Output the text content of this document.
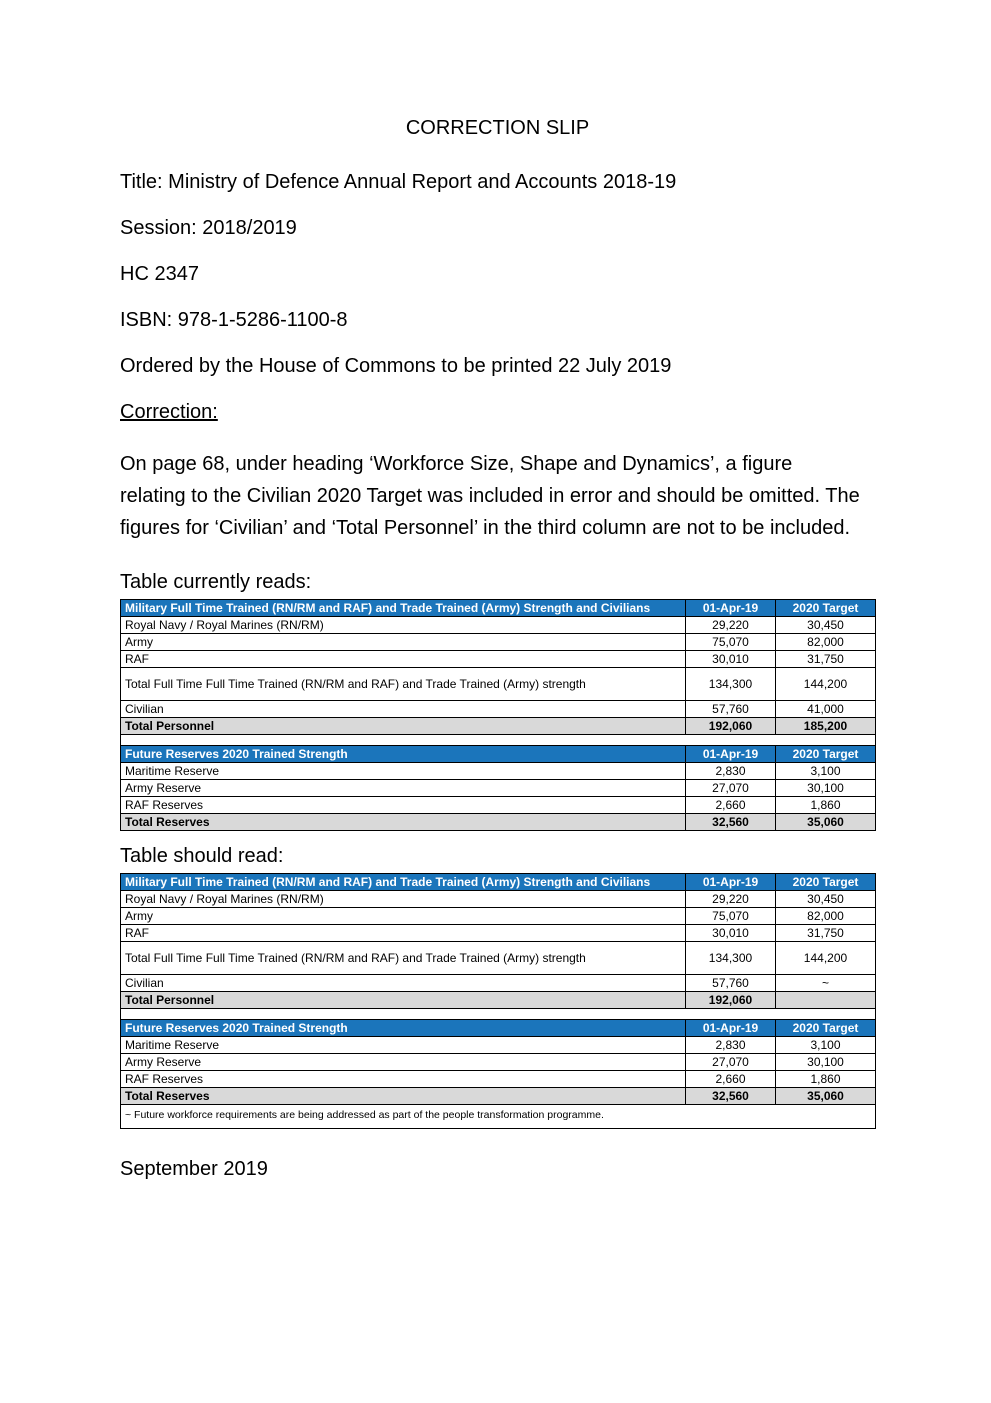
CORRECTION SLIP

Title: Ministry of Defence Annual Report and Accounts 2018-19

Session: 2018/2019

HC 2347

ISBN: 978-1-5286-1100-8

Ordered by the House of Commons to be printed 22 July 2019

Correction:

On page 68, under heading ‘Workforce Size, Shape and Dynamics’, a figure relating to the Civilian 2020 Target was included in error and should be omitted. The figures for ‘Civilian’ and ‘Total Personnel’ in the third column are not to be included.

Table currently reads:

Military Full Time Trained (RN/RM and RAF) and Trade Trained (Army) Strength and Civilians	01-Apr-19	2020 Target
Royal Navy / Royal Marines (RN/RM)	29,220	30,450
Army	75,070	82,000
RAF	30,010	31,750
Total Full Time Full Time Trained (RN/RM and RAF) and Trade Trained (Army) strength	134,300	144,200
Civilian	57,760	41,000
Total Personnel	192,060	185,200

Future Reserves 2020 Trained Strength	01-Apr-19	2020 Target
Maritime Reserve	2,830	3,100
Army Reserve	27,070	30,100
RAF Reserves	2,660	1,860
Total Reserves	32,560	35,060

Table should read:

Military Full Time Trained (RN/RM and RAF) and Trade Trained (Army) Strength and Civilians	01-Apr-19	2020 Target
Royal Navy / Royal Marines (RN/RM)	29,220	30,450
Army	75,070	82,000
RAF	30,010	31,750
Total Full Time Full Time Trained (RN/RM and RAF) and Trade Trained (Army) strength	134,300	144,200
Civilian	57,760	~
Total Personnel	192,060	

Future Reserves 2020 Trained Strength	01-Apr-19	2020 Target
Maritime Reserve	2,830	3,100
Army Reserve	27,070	30,100
RAF Reserves	2,660	1,860
Total Reserves	32,560	35,060
~ Future workforce requirements are being addressed as part of the people transformation programme.		

September 2019
